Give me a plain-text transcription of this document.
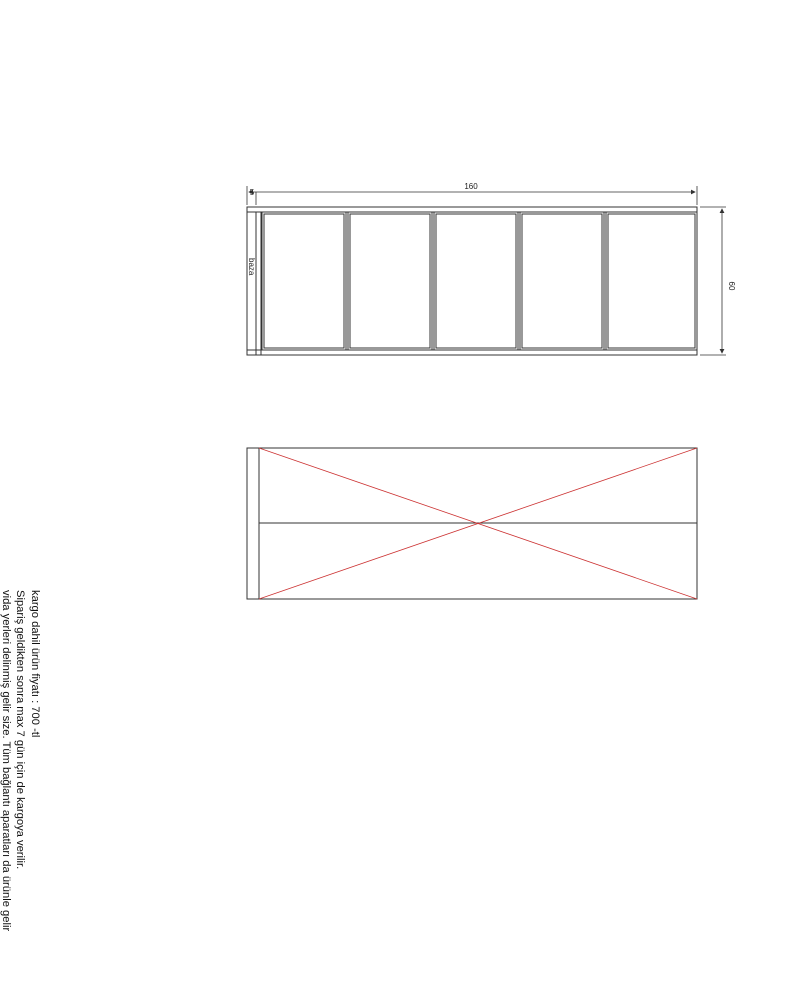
160
5
60
baza
kargo dahil ürün fiyatı : 700 -tl
Sipariş geldikten sonra max 7 gün için de kargoya verilir.
vida yerleri delinmiş gelir size. Tüm bağlantı aparatları da ürünle gelir
